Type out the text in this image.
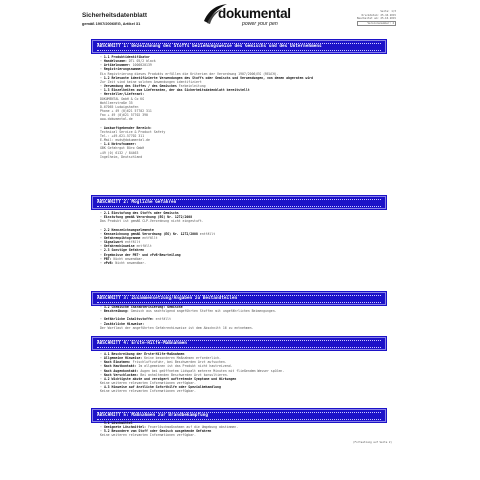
Sicherheitsdatenblatt
gemäß 1907/2006/EG, Artikel 31
dokumental
power your pen
Seite: 1/3
Druckdatum: 25.10.2015
Bearbeitet am: 25.10.2015
Versionsnummer: 2
ABSCHNITT 1: Bezeichnung des Stoffs beziehungsweise des Gemischs und des Unternehmens
· 1.1 Produktidentifikator
· Handelsname: DTL 05/2 black
· Artikelnummer: 1000020139
· Registrierungsnummer
Ein Registrierung dieses Produkts erfüllen die Kriterien der Verordnung 1907/2006/EG (REACH).
· 1.2 Relevante identifizierte Verwendungen des Stoffs oder Gemischs und Verwendungen, von denen abgeraten wird
Zur Zeit sind keine solchen Anwendungen identifiziert
· Verwendung des Stoffes / des Gemisches Farbeinleitung
· 1.3 Einzelheiten zum Lieferanten, der das Sicherheitsdatenblatt bereitstellt
· Hersteller/Lieferant:
DOKUMENTAL GmbH & Co KG
Wohlleerstraße 35
D-67065 Ludwigshafen
Phone + 49 (0)621 57702 311
Fax + 49 (0)621 57702 390
www.dokumental.de

· Auskunftgebender Bereich:
Technical Service & Product Safety
Tel.: +49-621-57702 311
E-Mail: msds@dokumental.de
· 1.4 Notrufnummer:
GBK Gefahrgut Büro GmbH
+49 (0) 6132 / 84463
Ingelheim, Deutschland
ABSCHNITT 2: Mögliche Gefahren
· 2.1 Einstufung des Stoffs oder Gemischs
· Einstufung gemäß Verordnung (EG) Nr. 1272/2008
Das Produkt ist gemäß CLP-Verordnung nicht eingestuft.

· 2.2 Kennzeichnungselemente
· Kennzeichnung gemäß Verordnung (EG) Nr. 1272/2008 entfällt
· Gefahrenpiktogramme entfällt
· Signalwort entfällt
· Gefahrenhinweise entfällt
· 2.3 Sonstige Gefahren
· Ergebnisse der PBT- und vPvB-Beurteilung
· PBT: Nicht anwendbar.
· vPvB: Nicht anwendbar.
ABSCHNITT 3: Zusammensetzung/Angaben zu Bestandteilen
· 3.2 Chemische Charakterisierung: Gemische
· Beschreibung: Gemisch aus nachfolgend angeführten Stoffen mit ungefährlichen Beimengungen.

· Gefährliche Inhaltsstoffe: entfällt
· Zusätzliche Hinweise:
Der Wortlaut der angeführten Gefahrenhinweise ist dem Abschnitt 16 zu entnehmen.
ABSCHNITT 4: Erste-Hilfe-Maßnahmen
· 4.1 Beschreibung der Erste-Hilfe-Maßnahmen
· Allgemeine Hinweise: Keine besonderen Maßnahmen erforderlich.
· Nach Einatmen: Frischluftzufuhr, bei Beschwerden Arzt aufsuchen.
· Nach Hautkontakt: Im allgemeinen ist das Produkt nicht hautreizend.
· Nach Augenkontakt: Augen bei geöffnetem Lidspalt mehrere Minuten mit fließendem Wasser spülen.
· Nach Verschlucken: Bei anhaltenden Beschwerden Arzt konsultieren.
· 4.2 Wichtigste akute und verzögert auftretende Symptome und Wirkungen
Keine weiteren relevanten Informationen verfügbar.
· 4.3 Hinweise auf ärztliche Soforthilfe oder Spezialbehandlung
Keine weiteren relevanten Informationen verfügbar.
ABSCHNITT 5: Maßnahmen zur Brandbekämpfung
· 5.1 Löschmittel
· Geeignete Löschmittel: Feuerlöschmaßnahmen auf die Umgebung abstimmen.
· 5.2 Besondere vom Stoff oder Gemisch ausgehende Gefahren
Keine weiteren relevanten Informationen verfügbar.
(Fortsetzung auf Seite 2)
